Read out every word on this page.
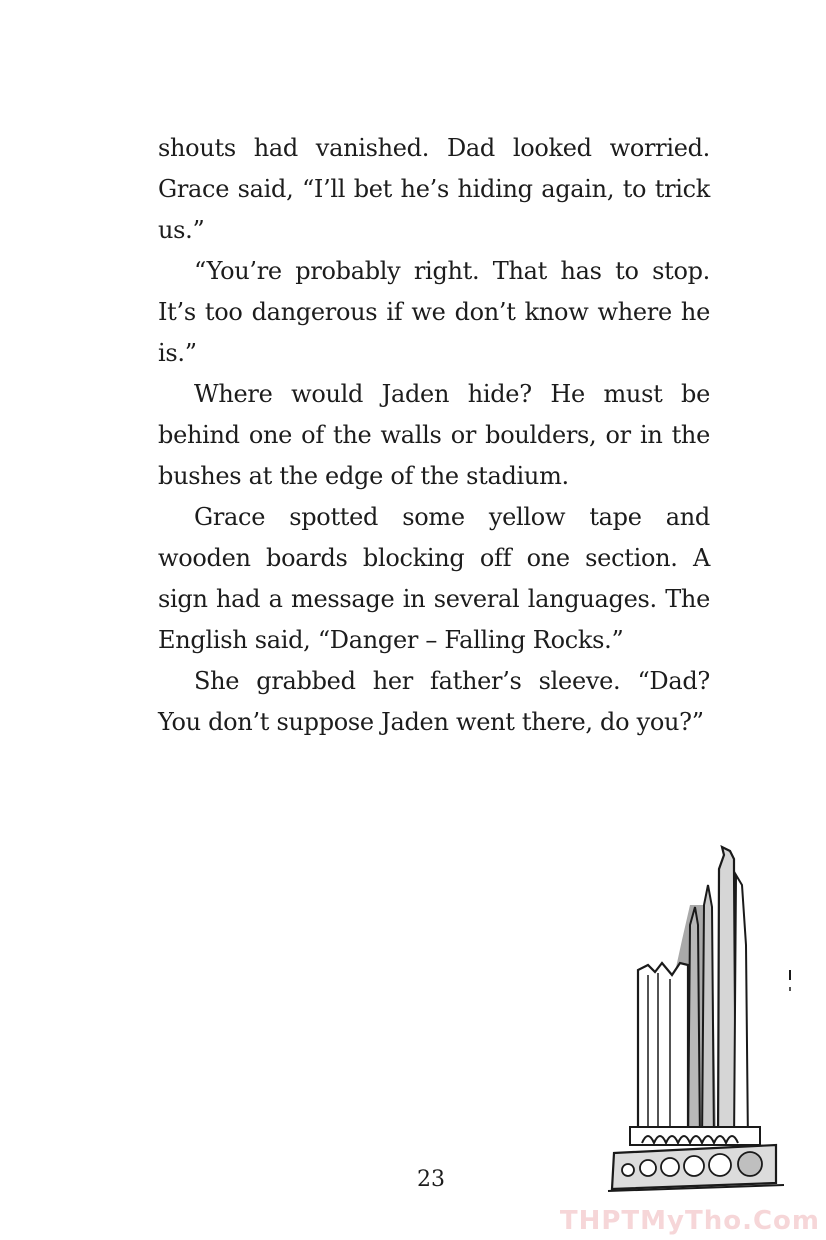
shouts had vanished. Dad looked worried. Grace said, “I’ll bet he’s hiding again, to trick us.”

“You’re probably right. That has to stop. It’s too dangerous if we don’t know where he is.”

Where would Jaden hide? He must be behind one of the walls or boulders, or in the bushes at the edge of the stadium.

Grace spotted some yellow tape and wooden boards blocking off one section. A sign had a message in several languages. The English said, “Danger – Falling Rocks.”

She grabbed her father’s sleeve. “Dad? You don’t suppose Jaden went there, do you?”

23
THPTMyTho.Com
